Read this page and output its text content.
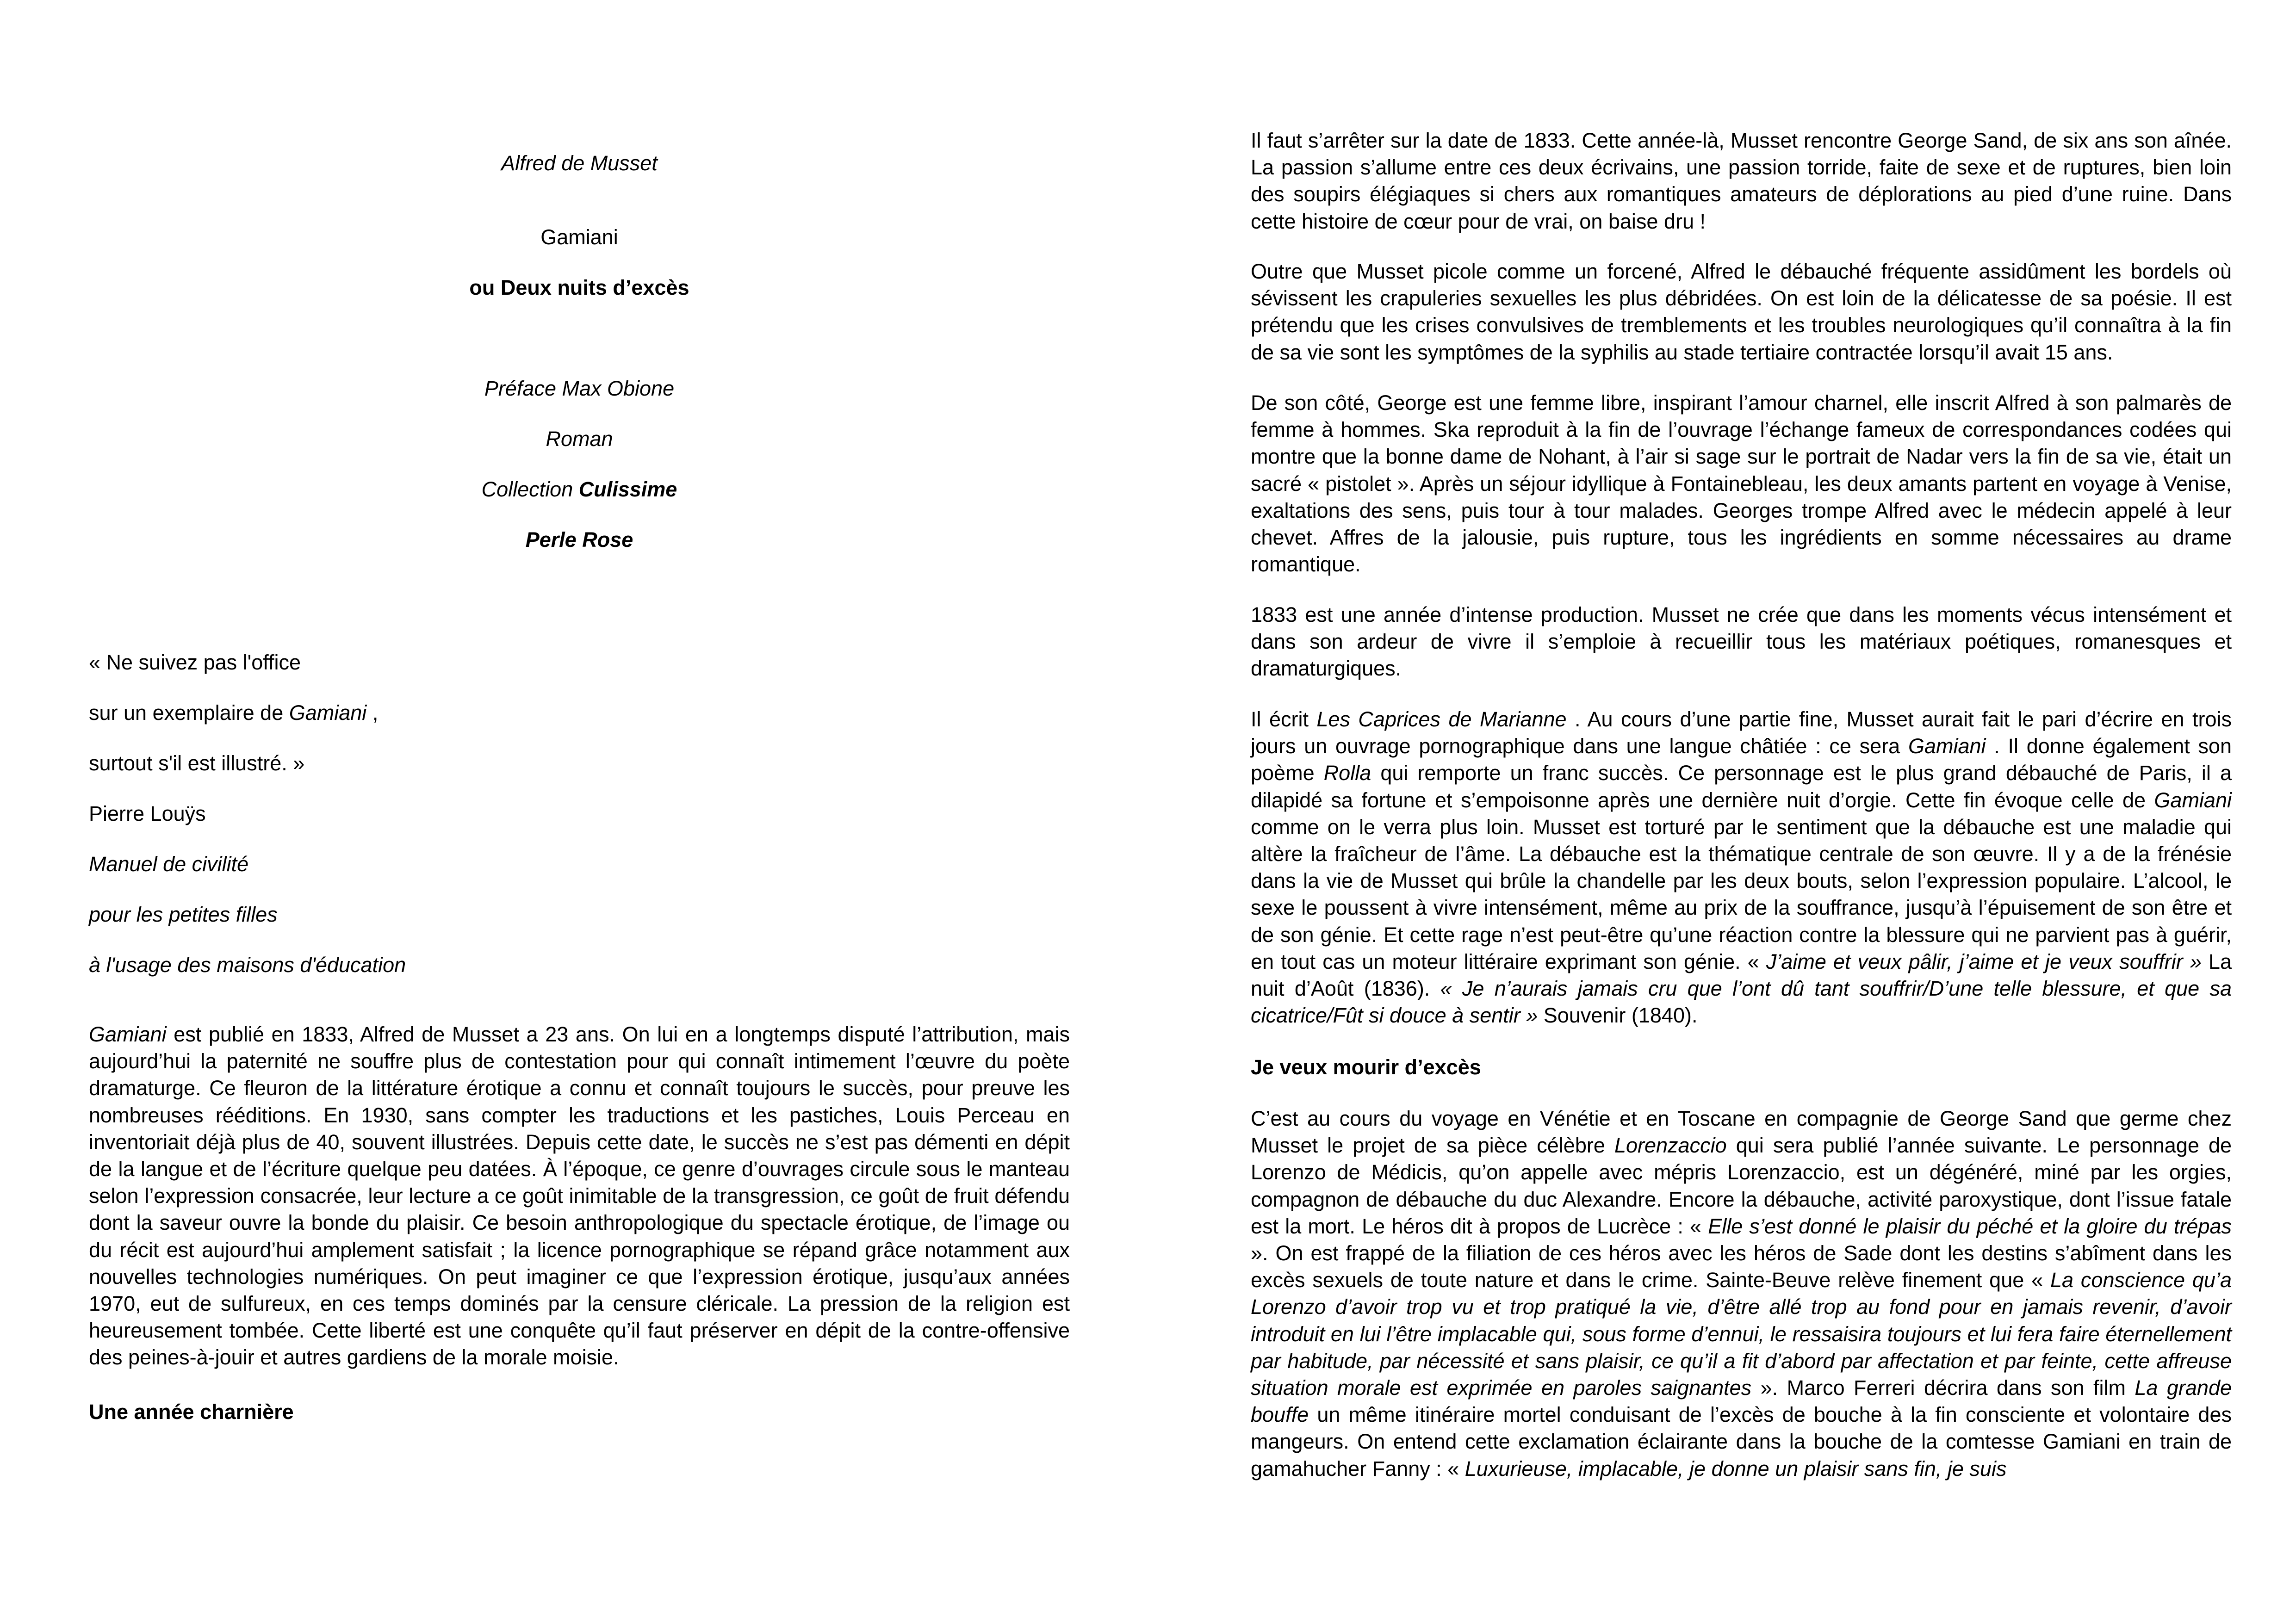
Alfred de Musset
Gamiani
ou Deux nuits d’excès
Préface Max Obione
Roman
Collection Culissime
Perle Rose
« Ne suivez pas l'office
sur un exemplaire de Gamiani ,
surtout s'il est illustré. »
Pierre Louÿs
Manuel de civilité
pour les petites filles
à l'usage des maisons d'éducation

Gamiani est publié en 1833, Alfred de Musset a 23 ans. On lui en a longtemps disputé l’attribution, mais aujourd’hui la paternité ne souffre plus de contestation pour qui connaît intimement l’œuvre du poète dramaturge. Ce fleuron de la littérature érotique a connu et connaît toujours le succès, pour preuve les nombreuses rééditions. En 1930, sans compter les traductions et les pastiches, Louis Perceau en inventoriait déjà plus de 40, souvent illustrées. Depuis cette date, le succès ne s’est pas démenti en dépit de la langue et de l’écriture quelque peu datées. À l’époque, ce genre d’ouvrages circule sous le manteau selon l’expression consacrée, leur lecture a ce goût inimitable de la transgression, ce goût de fruit défendu dont la saveur ouvre la bonde du plaisir. Ce besoin anthropologique du spectacle érotique, de l’image ou du récit est aujourd’hui amplement satisfait ; la licence pornographique se répand grâce notamment aux nouvelles technologies numériques. On peut imaginer ce que l’expression érotique, jusqu’aux années 1970, eut de sulfureux, en ces temps dominés par la censure cléricale. La pression de la religion est heureusement tombée. Cette liberté est une conquête qu’il faut préserver en dépit de la contre-offensive des peines-à-jouir et autres gardiens de la morale moisie.

Une année charnière

Il faut s’arrêter sur la date de 1833. Cette année-là, Musset rencontre George Sand, de six ans son aînée. La passion s’allume entre ces deux écrivains, une passion torride, faite de sexe et de ruptures, bien loin des soupirs élégiaques si chers aux romantiques amateurs de déplorations au pied d’une ruine. Dans cette histoire de cœur pour de vrai, on baise dru !

Outre que Musset picole comme un forcené, Alfred le débauché fréquente assidûment les bordels où sévissent les crapuleries sexuelles les plus débridées. On est loin de la délicatesse de sa poésie. Il est prétendu que les crises convulsives de tremblements et les troubles neurologiques qu’il connaîtra à la fin de sa vie sont les symptômes de la syphilis au stade tertiaire contractée lorsqu’il avait 15 ans.

De son côté, George est une femme libre, inspirant l’amour charnel, elle inscrit Alfred à son palmarès de femme à hommes. Ska reproduit à la fin de l’ouvrage l’échange fameux de correspondances codées qui montre que la bonne dame de Nohant, à l’air si sage sur le portrait de Nadar vers la fin de sa vie, était un sacré « pistolet ». Après un séjour idyllique à Fontainebleau, les deux amants partent en voyage à Venise, exaltations des sens, puis tour à tour malades. Georges trompe Alfred avec le médecin appelé à leur chevet. Affres de la jalousie, puis rupture, tous les ingrédients en somme nécessaires au drame romantique.

1833 est une année d’intense production. Musset ne crée que dans les moments vécus intensément et dans son ardeur de vivre il s’emploie à recueillir tous les matériaux poétiques, romanesques et dramaturgiques.

Il écrit Les Caprices de Marianne . Au cours d’une partie fine, Musset aurait fait le pari d’écrire en trois jours un ouvrage pornographique dans une langue châtiée : ce sera Gamiani . Il donne également son poème Rolla qui remporte un franc succès. Ce personnage est le plus grand débauché de Paris, il a dilapidé sa fortune et s’empoisonne après une dernière nuit d’orgie. Cette fin évoque celle de Gamiani comme on le verra plus loin. Musset est torturé par le sentiment que la débauche est une maladie qui altère la fraîcheur de l’âme. La débauche est la thématique centrale de son œuvre. Il y a de la frénésie dans la vie de Musset qui brûle la chandelle par les deux bouts, selon l’expression populaire. L’alcool, le sexe le poussent à vivre intensément, même au prix de la souffrance, jusqu’à l’épuisement de son être et de son génie. Et cette rage n’est peut-être qu’une réaction contre la blessure qui ne parvient pas à guérir, en tout cas un moteur littéraire exprimant son génie. « J’aime et veux pâlir, j’aime et je veux souffrir » La nuit d’Août (1836). « Je n’aurais jamais cru que l’ont dû tant souffrir/D’une telle blessure, et que sa cicatrice/Fût si douce à sentir » Souvenir (1840).

Je veux mourir d’excès

C’est au cours du voyage en Vénétie et en Toscane en compagnie de George Sand que germe chez Musset le projet de sa pièce célèbre Lorenzaccio qui sera publié l’année suivante. Le personnage de Lorenzo de Médicis, qu’on appelle avec mépris Lorenzaccio, est un dégénéré, miné par les orgies, compagnon de débauche du duc Alexandre. Encore la débauche, activité paroxystique, dont l’issue fatale est la mort. Le héros dit à propos de Lucrèce : « Elle s’est donné le plaisir du péché et la gloire du trépas ». On est frappé de la filiation de ces héros avec les héros de Sade dont les destins s’abîment dans les excès sexuels de toute nature et dans le crime. Sainte-Beuve relève finement que « La conscience qu’a Lorenzo d’avoir trop vu et trop pratiqué la vie, d’être allé trop au fond pour en jamais revenir, d’avoir introduit en lui l’être implacable qui, sous forme d’ennui, le ressaisira toujours et lui fera faire éternellement par habitude, par nécessité et sans plaisir, ce qu’il a fit d’abord par affectation et par feinte, cette affreuse situation morale est exprimée en paroles saignantes ». Marco Ferreri décrira dans son film La grande bouffe un même itinéraire mortel conduisant de l’excès de bouche à la fin consciente et volontaire des mangeurs. On entend cette exclamation éclairante dans la bouche de la comtesse Gamiani en train de gamahucher Fanny : « Luxurieuse, implacable, je donne un plaisir sans fin, je suis
